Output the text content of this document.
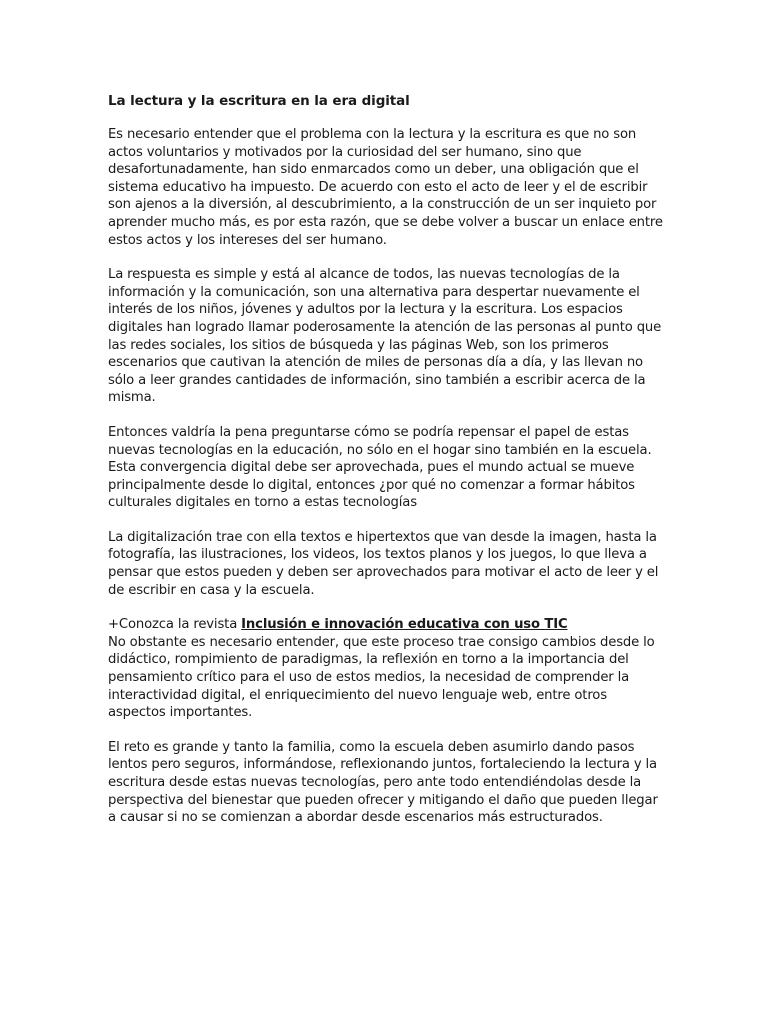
La lectura y la escritura en la era digital

Es necesario entender que el problema con la lectura y la escritura es que no son actos voluntarios y motivados por la curiosidad del ser humano, sino que desafortunadamente, han sido enmarcados como un deber, una obligación que el sistema educativo ha impuesto. De acuerdo con esto el acto de leer y el de escribir son ajenos a la diversión, al descubrimiento, a la construcción de un ser inquieto por aprender mucho más, es por esta razón, que se debe volver a buscar un enlace entre estos actos y los intereses del ser humano.

La respuesta es simple y está al alcance de todos, las nuevas tecnologías de la información y la comunicación, son una alternativa para despertar nuevamente el interés de los niños, jóvenes y adultos por la lectura y la escritura. Los espacios digitales han logrado llamar poderosamente la atención de las personas al punto que las redes sociales, los sitios de búsqueda y las páginas Web, son los primeros escenarios que cautivan la atención de miles de personas día a día, y las llevan no sólo a leer grandes cantidades de información, sino también a escribir acerca de la misma.

Entonces valdría la pena preguntarse cómo se podría repensar el papel de estas nuevas tecnologías en la educación, no sólo en el hogar sino también en la escuela. Esta convergencia digital debe ser aprovechada, pues el mundo actual se mueve principalmente desde lo digital, entonces ¿por qué no comenzar a formar hábitos culturales digitales en torno a estas tecnologías

La digitalización trae con ella textos e hipertextos que van desde la imagen, hasta la fotografía, las ilustraciones, los videos, los textos planos y los juegos, lo que lleva a pensar que estos pueden y deben ser aprovechados para motivar el acto de leer y el de escribir en casa y la escuela.

+Conozca la revista Inclusión e innovación educativa con uso TIC

No obstante es necesario entender, que este proceso trae consigo cambios desde lo didáctico, rompimiento de paradigmas, la reflexión en torno a la importancia del pensamiento crítico para el uso de estos medios, la necesidad de comprender la interactividad digital, el enriquecimiento del nuevo lenguaje web, entre otros aspectos importantes.

El reto es grande y tanto la familia, como la escuela deben asumirlo dando pasos lentos pero seguros, informándose, reflexionando juntos, fortaleciendo la lectura y la escritura desde estas nuevas tecnologías, pero ante todo entendiéndolas desde la perspectiva del bienestar que pueden ofrecer y mitigando el daño que pueden llegar a causar si no se comienzan a abordar desde escenarios más estructurados.
